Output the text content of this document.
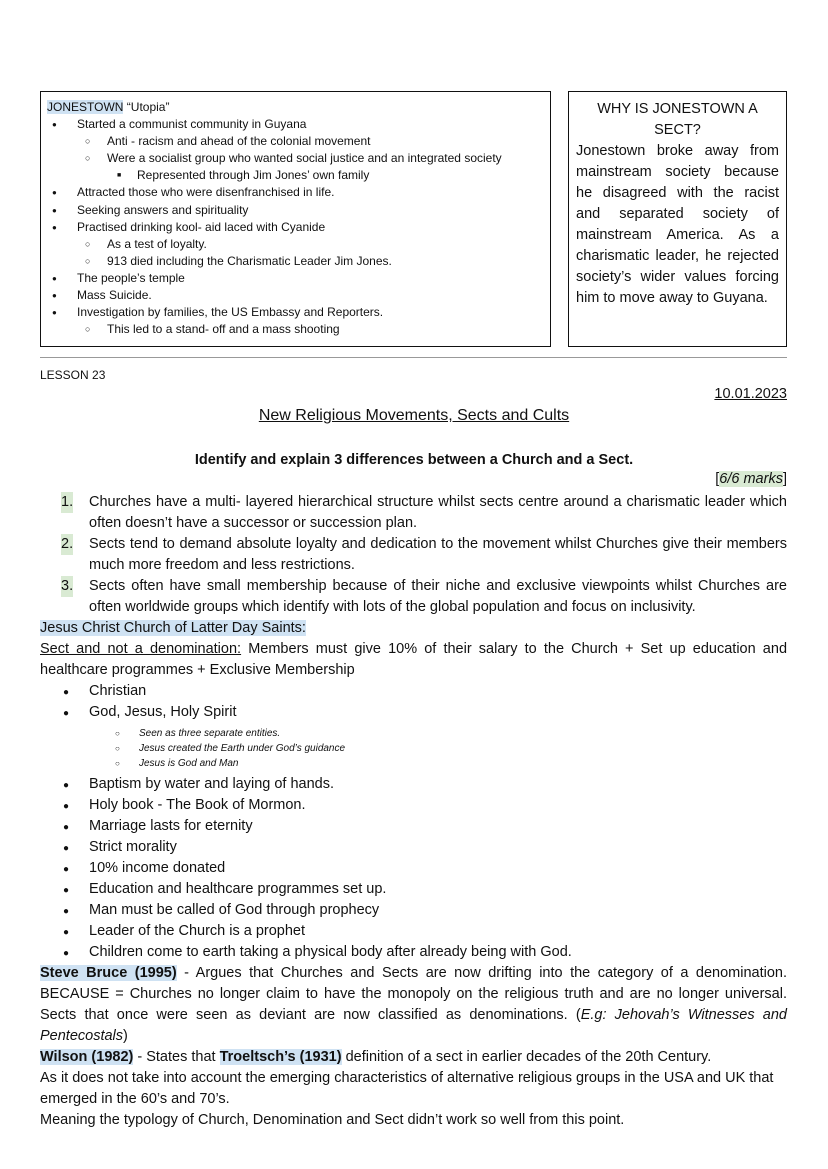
JONESTOWN “Utopia”
● Started a communist community in Guyana
○ Anti - racism and ahead of the colonial movement
○ Were a socialist group who wanted social justice and an integrated society
■ Represented through Jim Jones’ own family
● Attracted those who were disenfranchised in life.
● Seeking answers and spirituality
● Practised drinking kool- aid laced with Cyanide
○ As a test of loyalty.
○ 913 died including the Charismatic Leader Jim Jones.
● The people’s temple
● Mass Suicide.
● Investigation by families, the US Embassy and Reporters.
○ This led to a stand- off and a mass shooting
WHY IS JONESTOWN A SECT?
Jonestown broke away from mainstream society because he disagreed with the racist and separated society of mainstream America. As a charismatic leader, he rejected society’s wider values forcing him to move away to Guyana.
LESSON 23
10.01.2023
New Religious Movements, Sects and Cults
Identify and explain 3 differences between a Church and a Sect.
[6/6 marks]
1. Churches have a multi- layered hierarchical structure whilst sects centre around a charismatic leader which often doesn’t have a successor or succession plan.
2. Sects tend to demand absolute loyalty and dedication to the movement whilst Churches give their members much more freedom and less restrictions.
3. Sects often have small membership because of their niche and exclusive viewpoints whilst Churches are often worldwide groups which identify with lots of the global population and focus on inclusivity.
Jesus Christ Church of Latter Day Saints:
Sect and not a denomination: Members must give 10% of their salary to the Church + Set up education and healthcare programmes + Exclusive Membership
● Christian
● God, Jesus, Holy Spirit
○ Seen as three separate entities.
○ Jesus created the Earth under God’s guidance
○ Jesus is God and Man
● Baptism by water and laying of hands.
● Holy book - The Book of Mormon.
● Marriage lasts for eternity
● Strict morality
● 10% income donated
● Education and healthcare programmes set up.
● Man must be called of God through prophecy
● Leader of the Church is a prophet
● Children come to earth taking a physical body after already being with God.
Steve Bruce (1995) - Argues that Churches and Sects are now drifting into the category of a denomination. BECAUSE = Churches no longer claim to have the monopoly on the religious truth and are no longer universal. Sects that once were seen as deviant are now classified as denominations. (E.g: Jehovah’s Witnesses and Pentecostals)
Wilson (1982) - States that Troeltsch’s (1931) definition of a sect in earlier decades of the 20th Century.
As it does not take into account the emerging characteristics of alternative religious groups in the USA and UK that emerged in the 60’s and 70’s.
Meaning the typology of Church, Denomination and Sect didn’t work so well from this point.
